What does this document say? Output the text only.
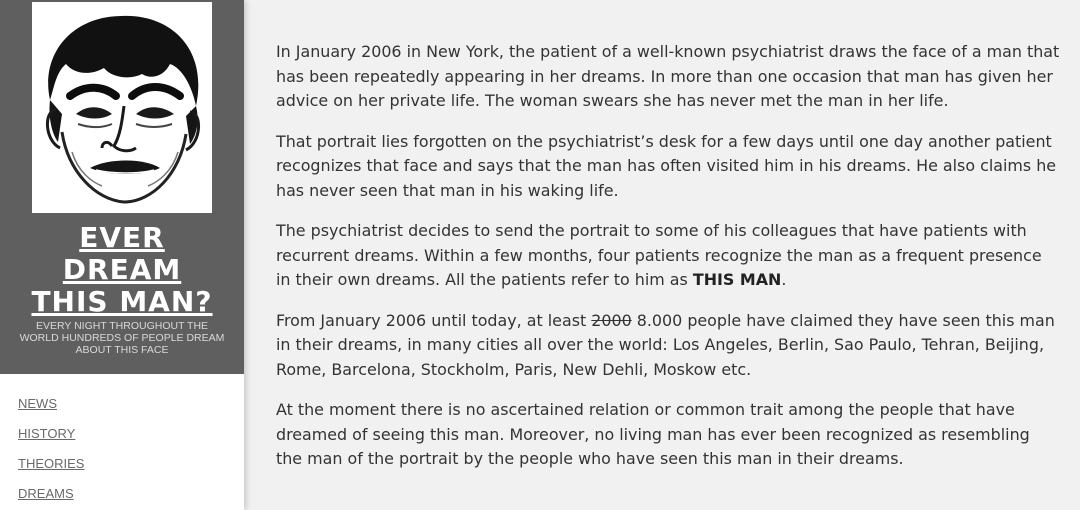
EVER
DREAM
THIS MAN?
EVERY NIGHT THROUGHOUT THE WORLD HUNDREDS OF PEOPLE DREAM ABOUT THIS FACE
NEWS
HISTORY
THEORIES
DREAMS

In January 2006 in New York, the patient of a well-known psychiatrist draws the face of a man that has been repeatedly appearing in her dreams. In more than one occasion that man has given her advice on her private life. The woman swears she has never met the man in her life.

That portrait lies forgotten on the psychiatrist’s desk for a few days until one day another patient recognizes that face and says that the man has often visited him in his dreams. He also claims he has never seen that man in his waking life.

The psychiatrist decides to send the portrait to some of his colleagues that have patients with recurrent dreams. Within a few months, four patients recognize the man as a frequent presence in their own dreams. All the patients refer to him as THIS MAN.

From January 2006 until today, at least 2000 8.000 people have claimed they have seen this man in their dreams, in many cities all over the world: Los Angeles, Berlin, Sao Paulo, Tehran, Beijing, Rome, Barcelona, Stockholm, Paris, New Dehli, Moskow etc.

At the moment there is no ascertained relation or common trait among the people that have dreamed of seeing this man. Moreover, no living man has ever been recognized as resembling the man of the portrait by the people who have seen this man in their dreams.
